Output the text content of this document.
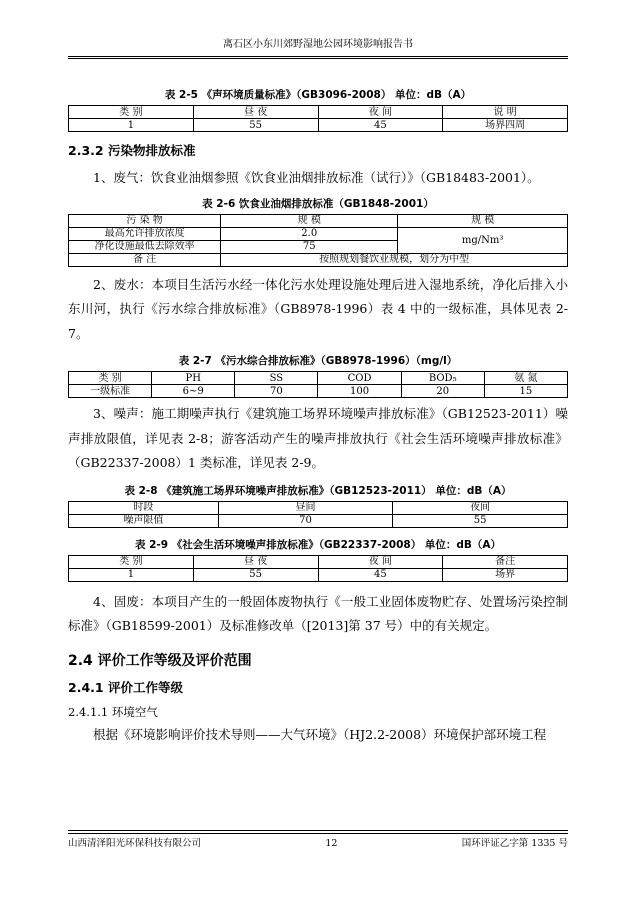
离石区小东川郊野湿地公园环境影响报告书
表 2-5 《声环境质量标准》（GB3096-2008） 单位：dB（A）
类 别	昼 夜	夜 间	说 明
1	55	45	场界四周
2.3.2 污染物排放标准

1、废气：饮食业油烟参照《饮食业油烟排放标准（试行）》（GB18483-2001）。

表 2-6 饮食业油烟排放标准（GB1848-2001）
污 染 物	规 模	规 模
最高允许排放浓度	2.0	mg/Nm³
净化设施最低去除效率	75	
备 注	按照规划餐饮业规模，划分为中型	

2、废水：本项目生活污水经一体化污水处理设施处理后进入湿地系统，净化后排入小东川河，执行《污水综合排放标准》（GB8978-1996）表 4 中的一级标准，具体见表 2-7。

表 2-7 《污水综合排放标准》（GB8978-1996）（mg/l）
类 别	PH	SS	COD	BOD₅	氨 氮
一级标准	6~9	70	100	20	15

3、噪声：施工期噪声执行《建筑施工场界环境噪声排放标准》（GB12523-2011）噪声排放限值，详见表 2-8；游客活动产生的噪声排放执行《社会生活环境噪声排放标准》（GB22337-2008）1 类标准，详见表 2-9。

表 2-8 《建筑施工场界环境噪声排放标准》（GB12523-2011） 单位：dB（A）
时段	昼间	夜间
噪声限值	70	55
表 2-9 《社会生活环境噪声排放标准》（GB22337-2008） 单位：dB（A）
类 别	昼 夜	夜 间	备注
1	55	45	场界

4、固废：本项目产生的一般固体废物执行《一般工业固体废物贮存、处置场污染控制标准》（GB18599-2001）及标准修改单（[2013]第 37 号）中的有关规定。

2.4 评价工作等级及评价范围
2.4.1 评价工作等级
2.4.1.1 环境空气

根据《环境影响评价技术导则——大气环境》（HJ2.2-2008）环境保护部环境工程

山西清泽阳光环保科技有限公司	12	国环评证乙字第 1335 号
